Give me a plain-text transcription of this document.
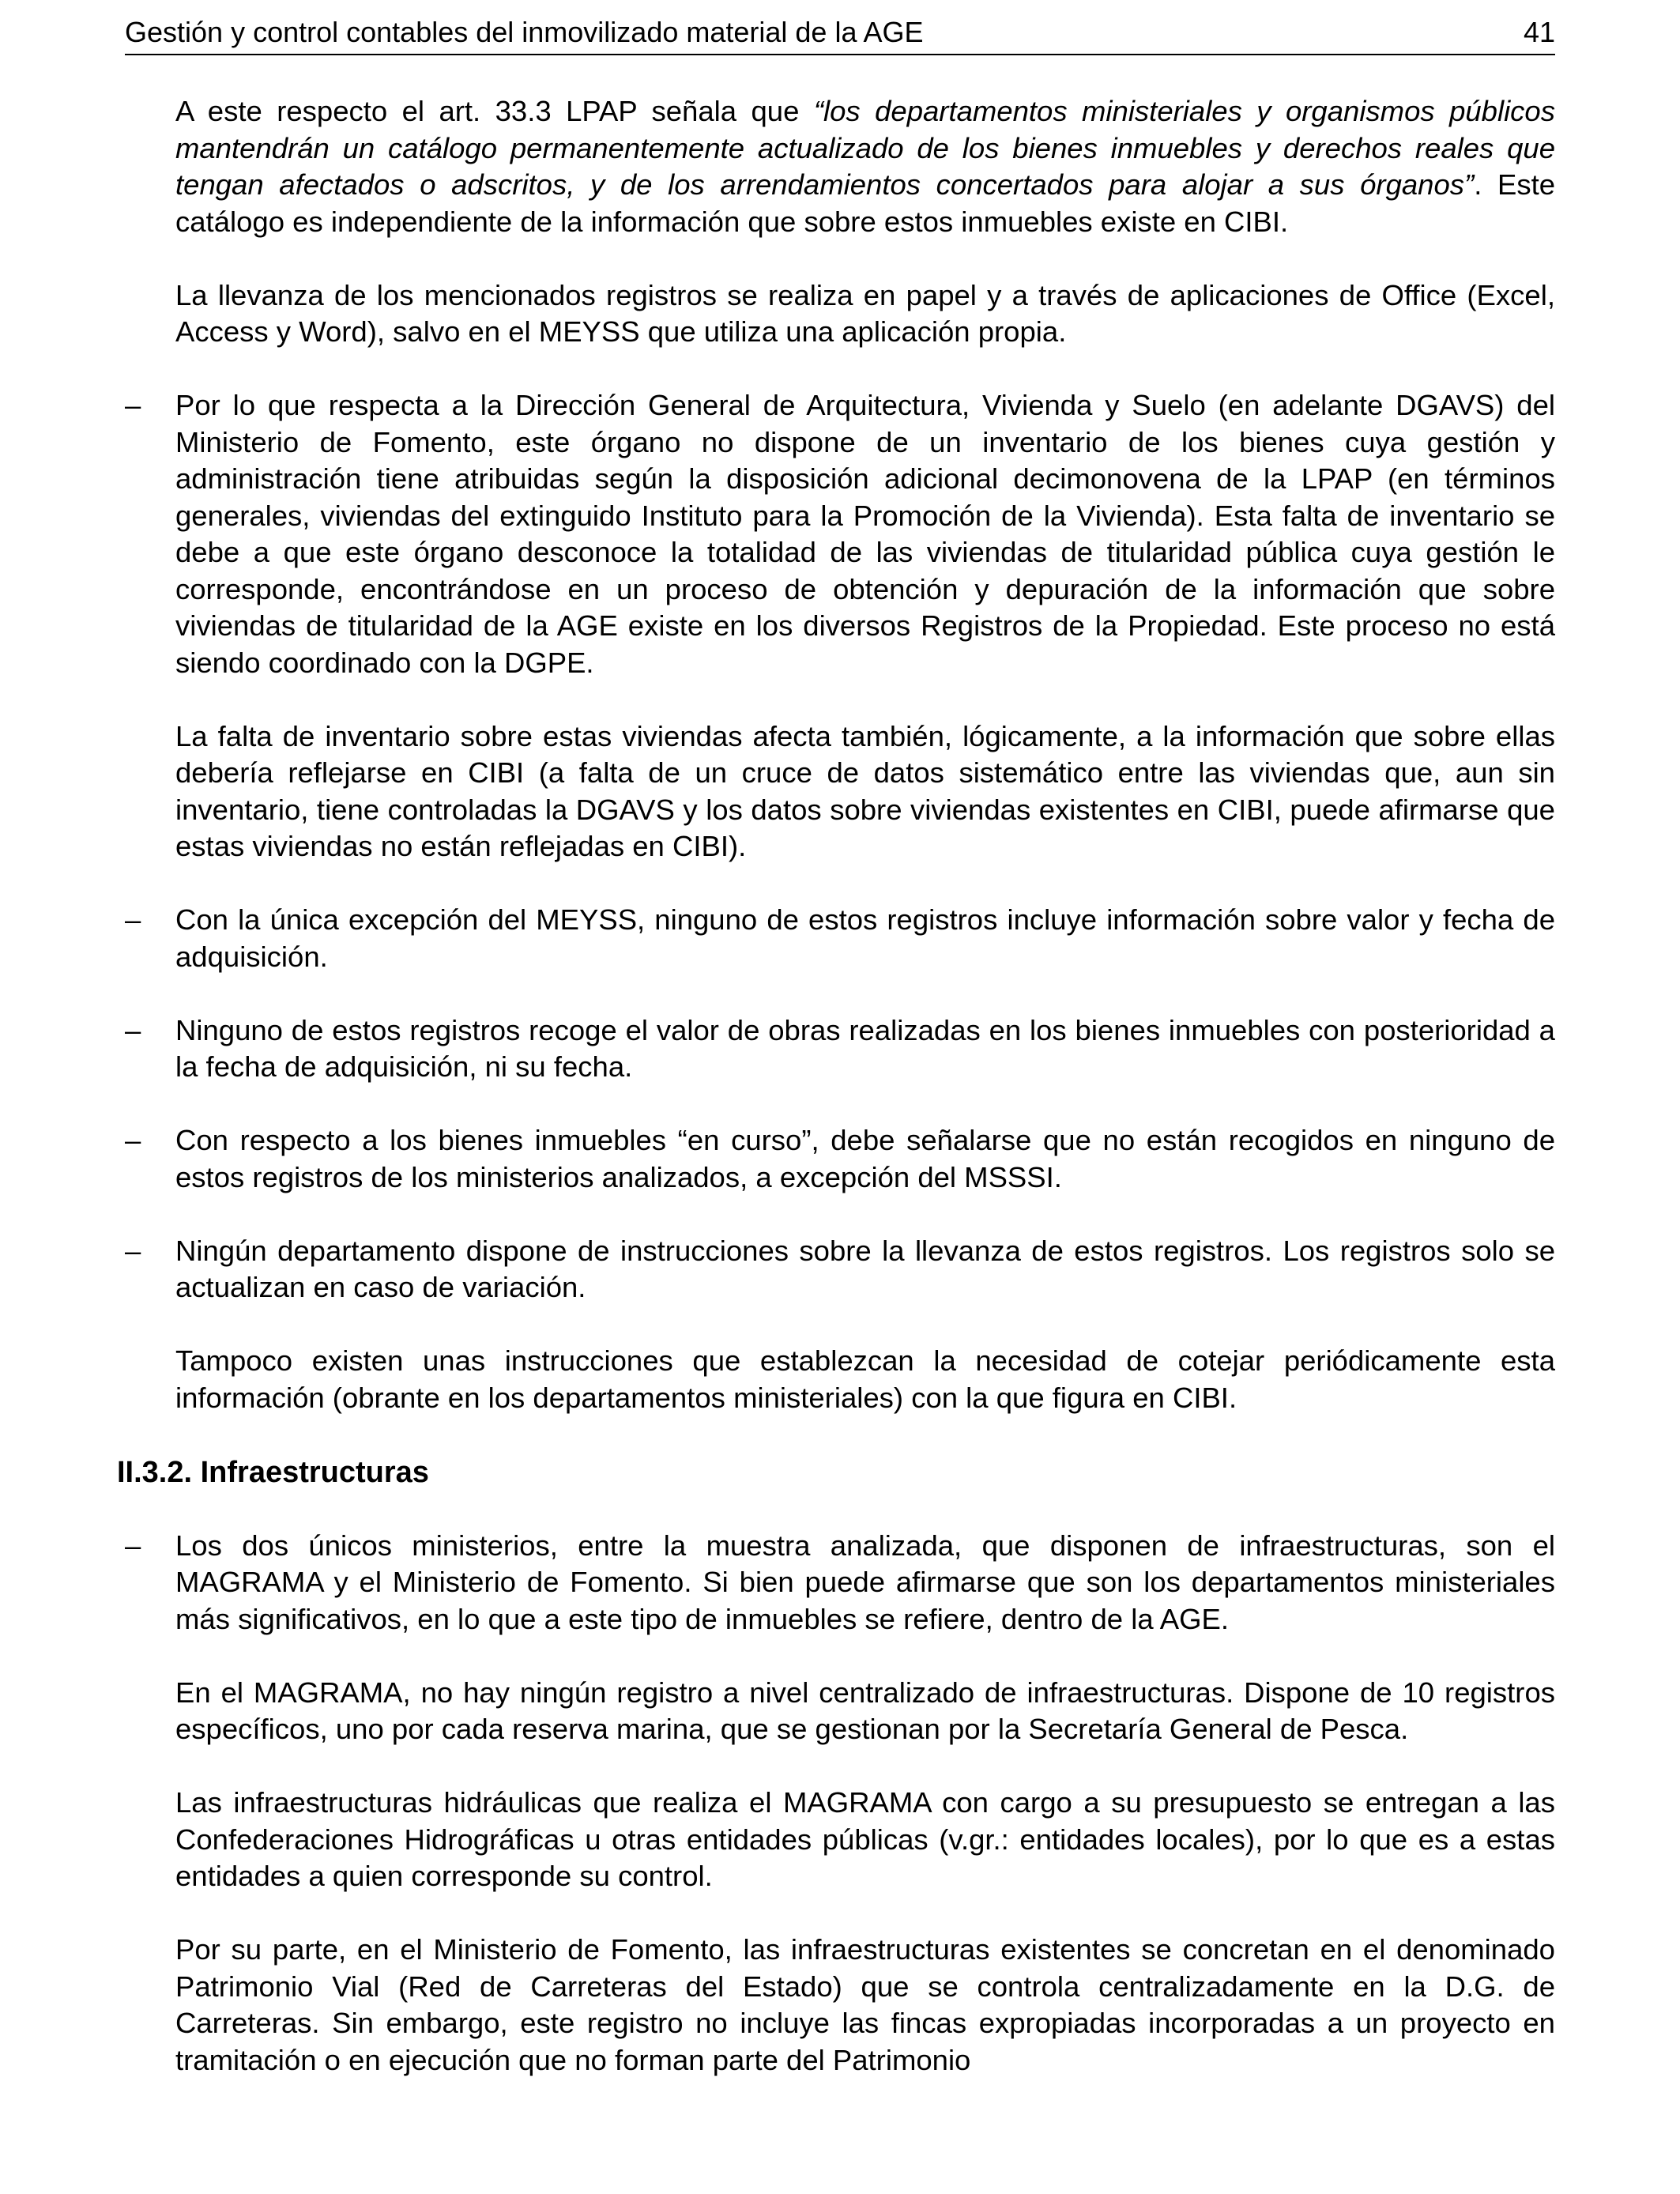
Gestión y control contables del inmovilizado material de la AGE	41

A este respecto el art. 33.3 LPAP señala que “los departamentos ministeriales y organismos públicos mantendrán un catálogo permanentemente actualizado de los bienes inmuebles y derechos reales que tengan afectados o adscritos, y de los arrendamientos concertados para alojar a sus órganos”. Este catálogo es independiente de la información que sobre estos inmuebles existe en CIBI.

La llevanza de los mencionados registros se realiza en papel y a través de aplicaciones de Office (Excel, Access y Word), salvo en el MEYSS que utiliza una aplicación propia.

– Por lo que respecta a la Dirección General de Arquitectura, Vivienda y Suelo (en adelante DGAVS) del Ministerio de Fomento, este órgano no dispone de un inventario de los bienes cuya gestión y administración tiene atribuidas según la disposición adicional decimonovena de la LPAP (en términos generales, viviendas del extinguido Instituto para la Promoción de la Vivienda). Esta falta de inventario se debe a que este órgano desconoce la totalidad de las viviendas de titularidad pública cuya gestión le corresponde, encontrándose en un proceso de obtención y depuración de la información que sobre viviendas de titularidad de la AGE existe en los diversos Registros de la Propiedad. Este proceso no está siendo coordinado con la DGPE.

La falta de inventario sobre estas viviendas afecta también, lógicamente, a la información que sobre ellas debería reflejarse en CIBI (a falta de un cruce de datos sistemático entre las viviendas que, aun sin inventario, tiene controladas la DGAVS y los datos sobre viviendas existentes en CIBI, puede afirmarse que estas viviendas no están reflejadas en CIBI).

– Con la única excepción del MEYSS, ninguno de estos registros incluye información sobre valor y fecha de adquisición.
– Ninguno de estos registros recoge el valor de obras realizadas en los bienes inmuebles con posterioridad a la fecha de adquisición, ni su fecha.
– Con respecto a los bienes inmuebles “en curso”, debe señalarse que no están recogidos en ninguno de estos registros de los ministerios analizados, a excepción del MSSSI.
– Ningún departamento dispone de instrucciones sobre la llevanza de estos registros. Los registros solo se actualizan en caso de variación.

Tampoco existen unas instrucciones que establezcan la necesidad de cotejar periódicamente esta información (obrante en los departamentos ministeriales) con la que figura en CIBI.

II.3.2. Infraestructuras

– Los dos únicos ministerios, entre la muestra analizada, que disponen de infraestructuras, son el MAGRAMA y el Ministerio de Fomento. Si bien puede afirmarse que son los departamentos ministeriales más significativos, en lo que a este tipo de inmuebles se refiere, dentro de la AGE.

En el MAGRAMA, no hay ningún registro a nivel centralizado de infraestructuras. Dispone de 10 registros específicos, uno por cada reserva marina, que se gestionan por la Secretaría General de Pesca.

Las infraestructuras hidráulicas que realiza el MAGRAMA con cargo a su presupuesto se entregan a las Confederaciones Hidrográficas u otras entidades públicas (v.gr.: entidades locales), por lo que es a estas entidades a quien corresponde su control.

Por su parte, en el Ministerio de Fomento, las infraestructuras existentes se concretan en el denominado Patrimonio Vial (Red de Carreteras del Estado) que se controla centralizadamente en la D.G. de Carreteras. Sin embargo, este registro no incluye las fincas expropiadas incorporadas a un proyecto en tramitación o en ejecución que no forman parte del Patrimonio
